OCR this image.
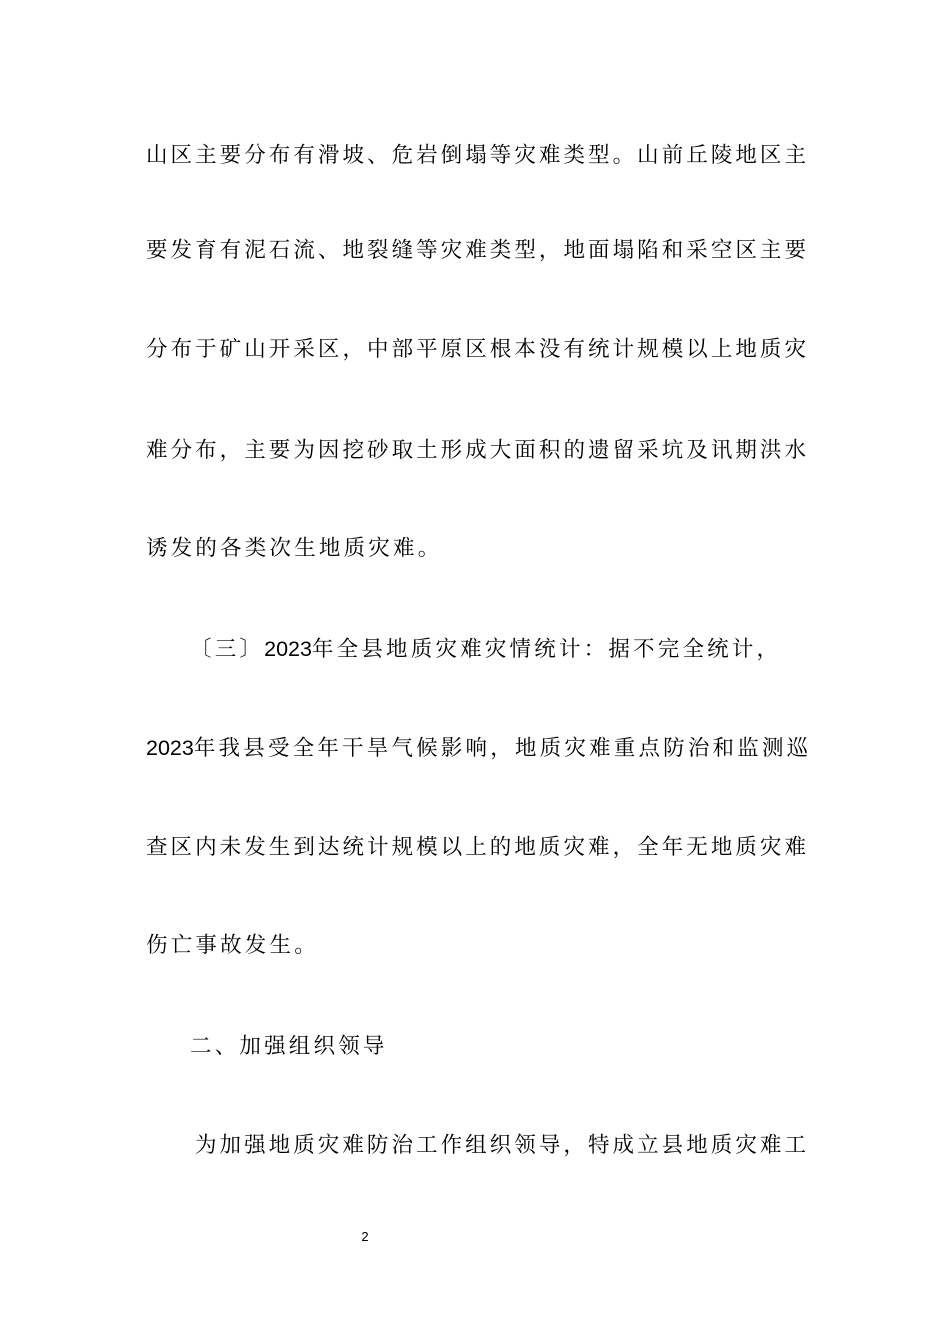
山区主要分布有滑坡、危岩倒塌等灾难类型。山前丘陵地区主
要发育有泥石流、地裂缝等灾难类型，地面塌陷和采空区主要
分布于矿山开采区，中部平原区根本没有统计规模以上地质灾
难分布，主要为因挖砂取土形成大面积的遗留采坑及讯期洪水
诱发的各类次生地质灾难。
〔三〕2023年全县地质灾难灾情统计：据不完全统计，
2023年我县受全年干旱气候影响，地质灾难重点防治和监测巡
查区内未发生到达统计规模以上的地质灾难，全年无地质灾难
伤亡事故发生。
二、加强组织领导
为加强地质灾难防治工作组织领导，特成立县地质灾难工
2
